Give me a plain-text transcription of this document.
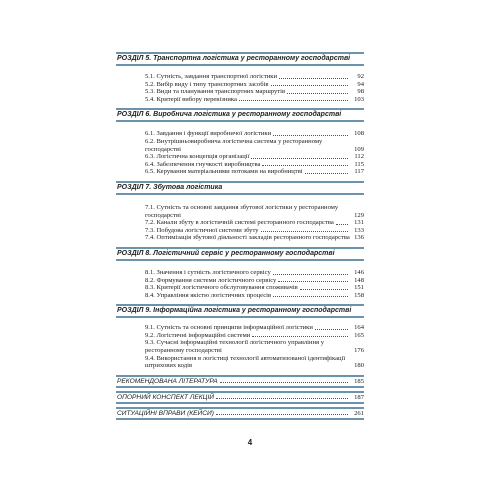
РОЗДІЛ 5. Транспортна логістика у ресторанному господарстві
5.1. Сутність, завдання транспортної логістики	92
5.2. Вибір виду і типу транспортних засобів	94
5.3. Види та планування транспортних маршрутів	98
5.4. Критерії вибору перевізника	103
РОЗДІЛ 6. Виробнича логістика у ресторанному господарстві
6.1. Завдання і функції виробничої логістики	108
6.2. Внутрішньовиробнича логістична система у ресторанному господарстві	109
6.3. Логістична концепція організації	112
6.4. Забезпечення гнучкості виробництва	115
6.5. Керування матеріальними потоками на виробництві	117
РОЗДІЛ 7. Збутова логістика
7.1. Сутність та основні завдання збутової логістики у ресторанному господарстві	129
7.2. Канали збуту в логістичній системі ресторанного господарства	131
7.3. Побудова логістичної системи збуту	133
7.4. Оптимізація збутової діяльності закладів ресторанного господарства 136
РОЗДІЛ 8. Логістичний сервіс у ресторанному господарстві
8.1. Значення і сутність логістичного сервісу	146
8.2. Формування системи логістичного сервісу	148
8.3. Критерії логістичного обслуговування споживачів	151
8.4. Управління якістю логістичних процесів	158
РОЗДІЛ 9. Інформаційна логістика у ресторанному господарстві
9.1. Сутність та основні принципи інформаційної логістики	164
9.2. Логістичні інформаційні системи	165
9.3. Сучасні інформаційні технології логістичного управління у ресторанному господарстві	176
9.4. Використання в логістиці технології автоматизованої ідентифікації штрихових кодів	180
РЕКОМЕНДОВАНА ЛІТЕРАТУРА	185
ОПОРНИЙ КОНСПЕКТ ЛЕКЦІЙ	187
СИТУАЦІЙНІ ВПРАВИ (КЕЙСИ)	261
4
